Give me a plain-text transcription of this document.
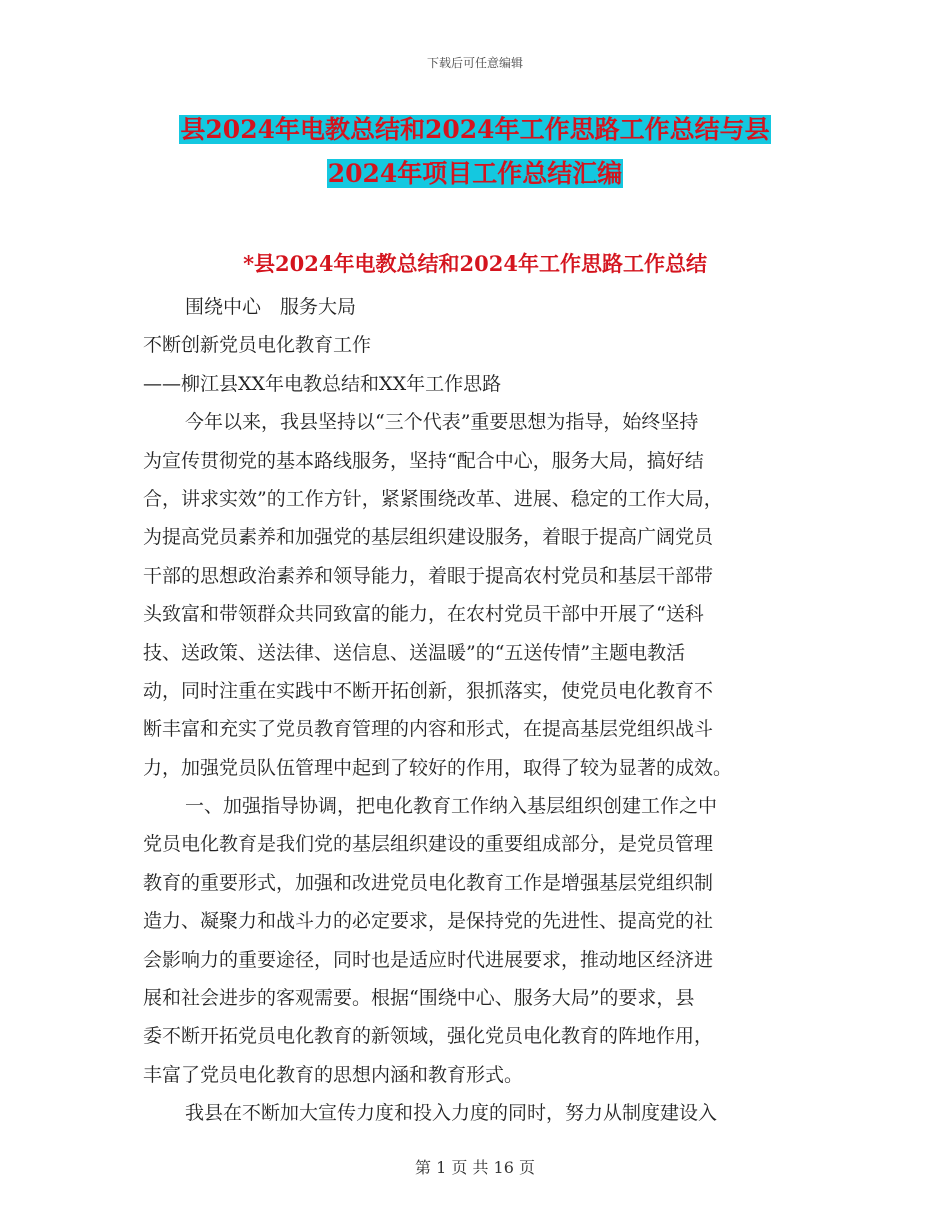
下载后可任意编辑
县2024年电教总结和2024年工作思路工作总结与县
2024年项目工作总结汇编
*县2024年电教总结和2024年工作思路工作总结
围绕中心　服务大局
不断创新党员电化教育工作
——柳江县XX年电教总结和XX年工作思路
今年以来，我县坚持以“三个代表”重要思想为指导，始终坚持
为宣传贯彻党的基本路线服务，坚持“配合中心，服务大局，搞好结
合，讲求实效”的工作方针，紧紧围绕改革、进展、稳定的工作大局，
为提高党员素养和加强党的基层组织建设服务，着眼于提高广阔党员
干部的思想政治素养和领导能力，着眼于提高农村党员和基层干部带
头致富和带领群众共同致富的能力，在农村党员干部中开展了“送科
技、送政策、送法律、送信息、送温暖”的“五送传情”主题电教活
动，同时注重在实践中不断开拓创新，狠抓落实，使党员电化教育不
断丰富和充实了党员教育管理的内容和形式，在提高基层党组织战斗
力，加强党员队伍管理中起到了较好的作用，取得了较为显著的成效。
一、加强指导协调，把电化教育工作纳入基层组织创建工作之中
党员电化教育是我们党的基层组织建设的重要组成部分，是党员管理
教育的重要形式，加强和改进党员电化教育工作是增强基层党组织制
造力、凝聚力和战斗力的必定要求，是保持党的先进性、提高党的社
会影响力的重要途径，同时也是适应时代进展要求，推动地区经济进
展和社会进步的客观需要。根据“围绕中心、服务大局”的要求，县
委不断开拓党员电化教育的新领域，强化党员电化教育的阵地作用，
丰富了党员电化教育的思想内涵和教育形式。
我县在不断加大宣传力度和投入力度的同时，努力从制度建设入
第 1 页 共 16 页
